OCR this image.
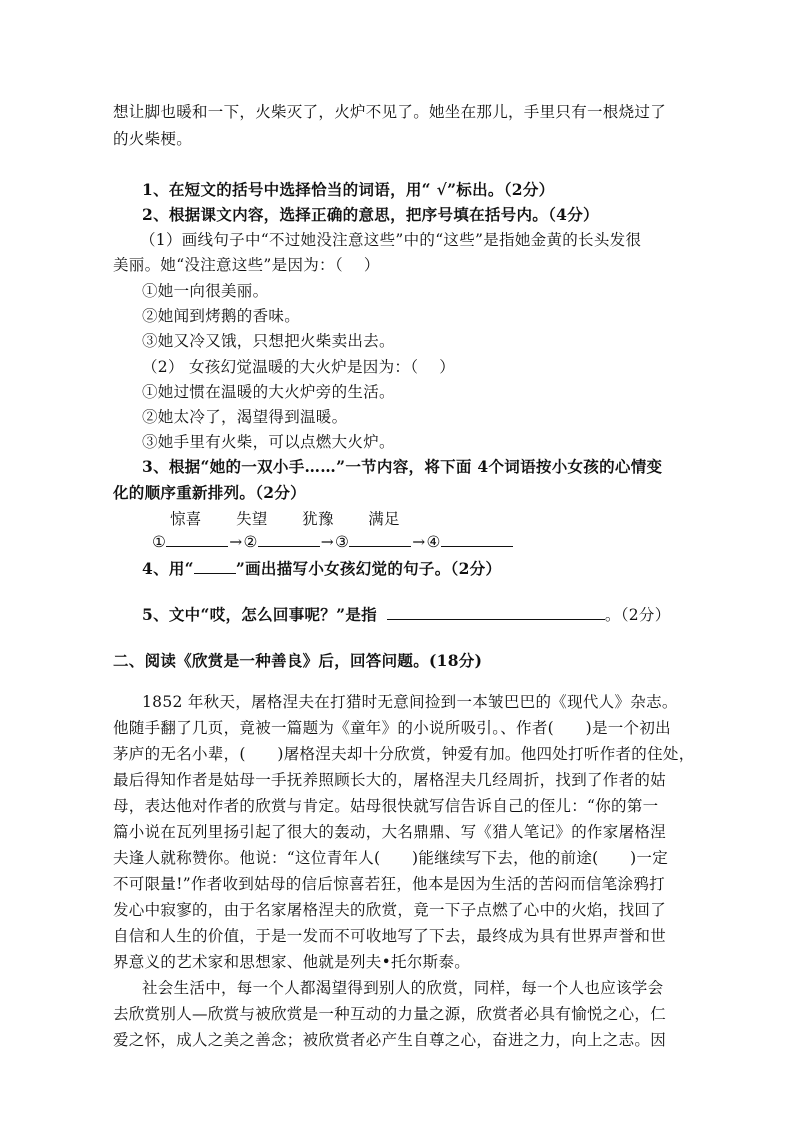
想让脚也暖和一下，火柴灭了，火炉不见了。她坐在那儿，手里只有一根烧过了
的火柴梗。
1、在短文的括号中选择恰当的词语，用“ √”标出。（2分）
2、根据课文内容，选择正确的意思，把序号填在括号内。（4分）
（1）画线句子中“不过她没注意这些”中的“这些”是指她金黄的长头发很
美丽。她“没注意这些”是因为：（　 ）
①她一向很美丽。
②她闻到烤鹅的香味。
③她又冷又饿，只想把火柴卖出去。
（2） 女孩幻觉温暖的大火炉是因为：（　 ）
①她过惯在温暖的大火炉旁的生活。
②她太冷了，渴望得到温暖。
③她手里有火柴，可以点燃大火炉。
3、根据“她的一双小手……”一节内容，将下面 4个词语按小女孩的心情变
化的顺序重新排列。（2分）
惊喜 失望 犹豫 满足
①	→②	→③	→④
4、用“	”画出描写小女孩幻觉的句子。（2分）
5、文中“哎，怎么回事呢？”是指	。（2分）
二、阅读《欣赏是一种善良》后，回答问题。(18分)
1852 年秋天，屠格涅夫在打猎时无意间捡到一本皱巴巴的《现代人》杂志。
他随手翻了几页，竟被一篇题为《童年》的小说所吸引。、作者(　　)是一个初出
茅庐的无名小辈，(　　)屠格涅夫却十分欣赏，钟爱有加。他四处打听作者的住处，
最后得知作者是姑母一手抚养照顾长大的，屠格涅夫几经周折，找到了作者的姑
母，表达他对作者的欣赏与肯定。姑母很快就写信告诉自己的侄儿：“你的第一
篇小说在瓦列里扬引起了很大的轰动，大名鼎鼎、写《猎人笔记》的作家屠格涅
夫逢人就称赞你。他说：“这位青年人(　　)能继续写下去，他的前途(　　)一定
不可限量!”作者收到姑母的信后惊喜若狂，他本是因为生活的苦闷而信笔涂鸦打
发心中寂寥的，由于名家屠格涅夫的欣赏，竟一下子点燃了心中的火焰，找回了
自信和人生的价值，于是一发而不可收地写了下去，最终成为具有世界声誉和世
界意义的艺术家和思想家、他就是列夫•托尔斯泰。
社会生活中，每一个人都渴望得到别人的欣赏，同样，每一个人也应该学会
去欣赏别人—欣赏与被欣赏是一种互动的力量之源，欣赏者必具有愉悦之心，仁
爱之怀，成人之美之善念；被欣赏者必产生自尊之心，奋进之力，向上之志。因
